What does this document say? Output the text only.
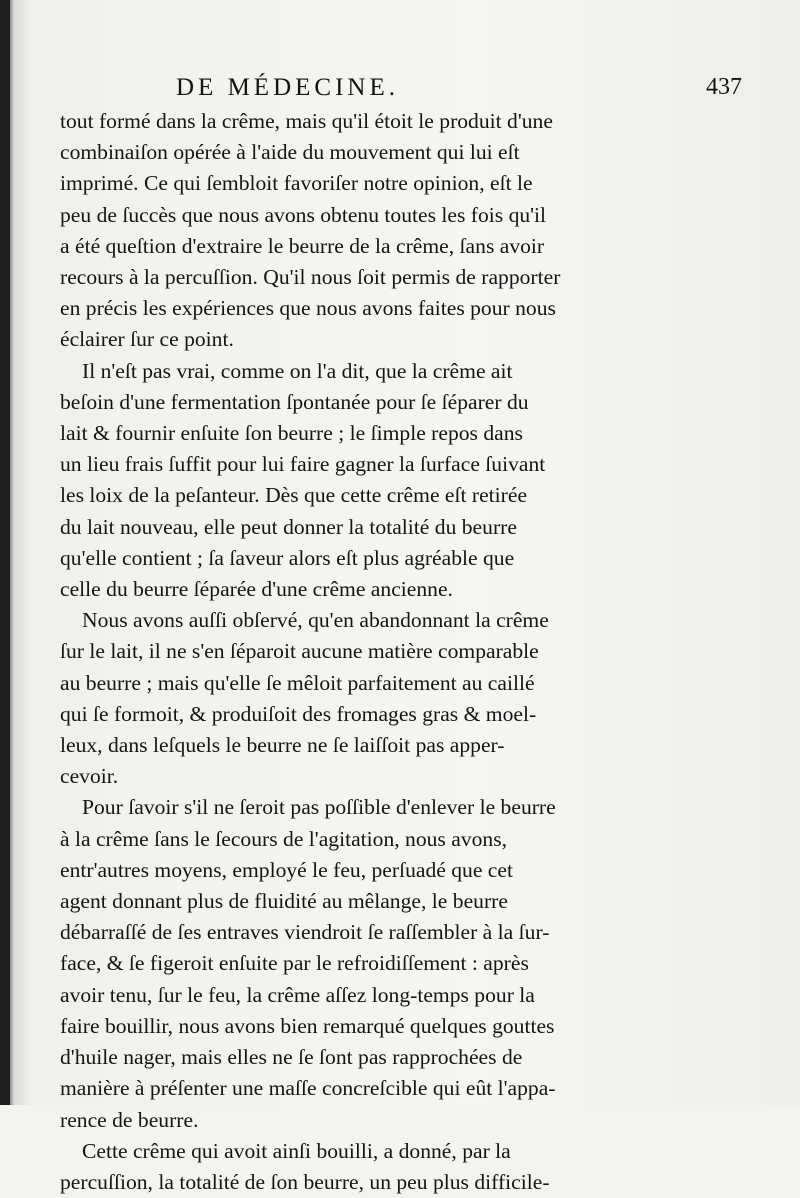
DE MÉDECINE.	437
tout formé dans la crême, mais qu'il étoit le produit d'une
combinaiſon opérée à l'aide du mouvement qui lui eſt
imprimé. Ce qui ſembloit favoriſer notre opinion, eſt le
peu de ſuccès que nous avons obtenu toutes les fois qu'il
a été queſtion d'extraire le beurre de la crême, ſans avoir
recours à la percuſſion. Qu'il nous ſoit permis de rapporter
en précis les expériences que nous avons faites pour nous
éclairer ſur ce point.
Il n'eſt pas vrai, comme on l'a dit, que la crême ait
beſoin d'une fermentation ſpontanée pour ſe ſéparer du
lait & fournir enſuite ſon beurre ; le ſimple repos dans
un lieu frais ſuffit pour lui faire gagner la ſurface ſuivant
les loix de la peſanteur. Dès que cette crême eſt retirée
du lait nouveau, elle peut donner la totalité du beurre
qu'elle contient ; ſa ſaveur alors eſt plus agréable que
celle du beurre ſéparée d'une crême ancienne.
Nous avons auſſi obſervé, qu'en abandonnant la crême
ſur le lait, il ne s'en ſéparoit aucune matière comparable
au beurre ; mais qu'elle ſe mêloit parfaitement au caillé
qui ſe formoit, & produiſoit des fromages gras & moel-
leux, dans leſquels le beurre ne ſe laiſſoit pas apper-
cevoir.
Pour ſavoir s'il ne ſeroit pas poſſible d'enlever le beurre
à la crême ſans le ſecours de l'agitation, nous avons,
entr'autres moyens, employé le feu, perſuadé que cet
agent donnant plus de fluidité au mêlange, le beurre
débarraſſé de ſes entraves viendroit ſe raſſembler à la ſur-
face, & ſe figeroit enſuite par le refroidiſſement : après
avoir tenu, ſur le feu, la crême aſſez long-temps pour la
faire bouillir, nous avons bien remarqué quelques gouttes
d'huile nager, mais elles ne ſe ſont pas rapprochées de
manière à préſenter une maſſe concreſcible qui eût l'appa-
rence de beurre.
Cette crême qui avoit ainſi bouilli, a donné, par la
percuſſion, la totalité de ſon beurre, un peu plus difficile-
